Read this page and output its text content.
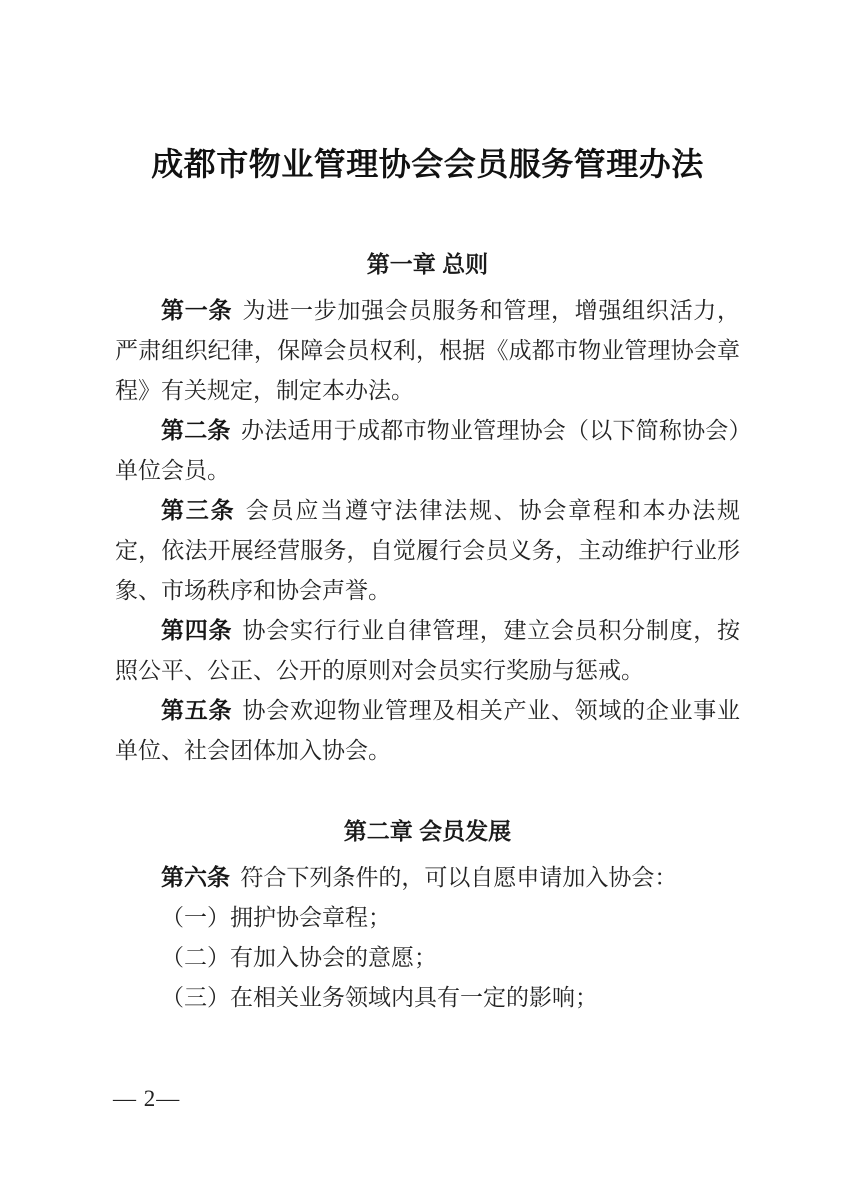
成都市物业管理协会会员服务管理办法
第一章 总则

第一条 为进一步加强会员服务和管理，增强组织活力，严肃组织纪律，保障会员权利，根据《成都市物业管理协会章程》有关规定，制定本办法。

第二条 办法适用于成都市物业管理协会（以下简称协会）单位会员。

第三条 会员应当遵守法律法规、协会章程和本办法规定，依法开展经营服务，自觉履行会员义务，主动维护行业形象、市场秩序和协会声誉。

第四条 协会实行行业自律管理，建立会员积分制度，按照公平、公正、公开的原则对会员实行奖励与惩戒。

第五条 协会欢迎物业管理及相关产业、领域的企业事业单位、社会团体加入协会。

第二章 会员发展

第六条 符合下列条件的，可以自愿申请加入协会：

（一）拥护协会章程；

（二）有加入协会的意愿；

（三）在相关业务领域内具有一定的影响；

— 2—
